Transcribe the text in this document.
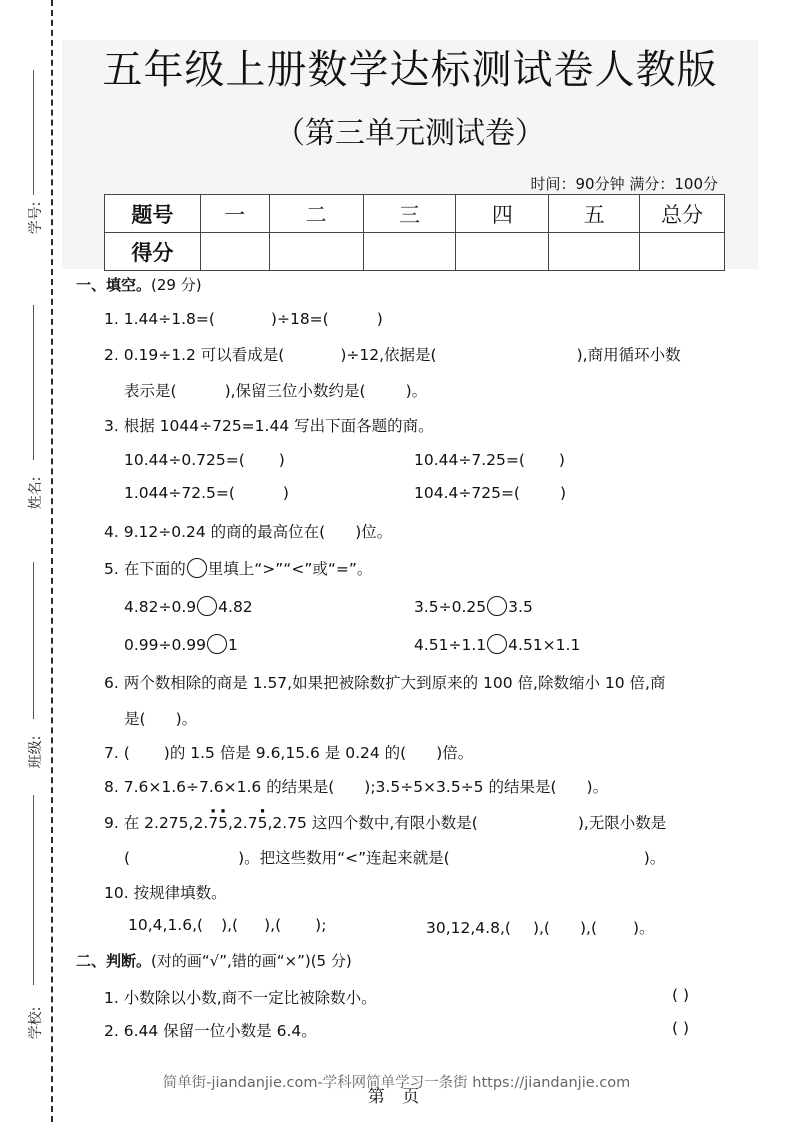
学号:
姓名:
班级:
学校:
五年级上册数学达标测试卷人教版
（第三单元测试卷）
时间：90分钟 满分：100分
题号	一	二	三	四	五	总分
得分						
一、填空。(29 分)
1. 1.44÷1.8=(	)÷18=(	)
2. 0.19÷1.2 可以看成是(	)÷12,依据是(	),商用循环小数
表示是(	),保留三位小数约是(	)。
3. 根据 1044÷725=1.44 写出下面各题的商。
10.44÷0.725=( )	10.44÷7.25=( )
1.044÷72.5=(	)	104.4÷725=(	)
4. 9.12÷0.24 的商的最高位在( )位。
5. 在下面的 里填上“>”“<”或“=”。
4.82÷0.9 4.82	3.5÷0.25 3.5
0.99÷0.99 1	4.51÷1.1 4.51×1.1
6. 两个数相除的商是 1.57,如果把被除数扩大到原来的 100 倍,除数缩小 10 倍,商
是( )。
7. ( )的 1.5 倍是 9.6,15.6 是 0.24 的( )倍。
8. 7.6×1.6÷7.6×1.6 的结果是( );3.5÷5×3.5÷5 的结果是( )。
9. 在 2.275,2.· 7· 5,2.7· 5,2.75 这四个数中,有限小数是(	),无限小数是
(	)。把这些数用“<”连起来就是(	)。
10. 按规律填数。
10,4,1.6,( ),( ),( );	30,12,4.8,( ),( ),( )。
二、判断。(对的画“√”,错的画“×”)(5 分)
1. 小数除以小数,商不一定比被除数小。	( )
2. 6.44 保留一位小数是 6.4。	( )
简单街-jiandanjie.com-学科网简单学习一条街 https://jiandanjie.com
第 页
